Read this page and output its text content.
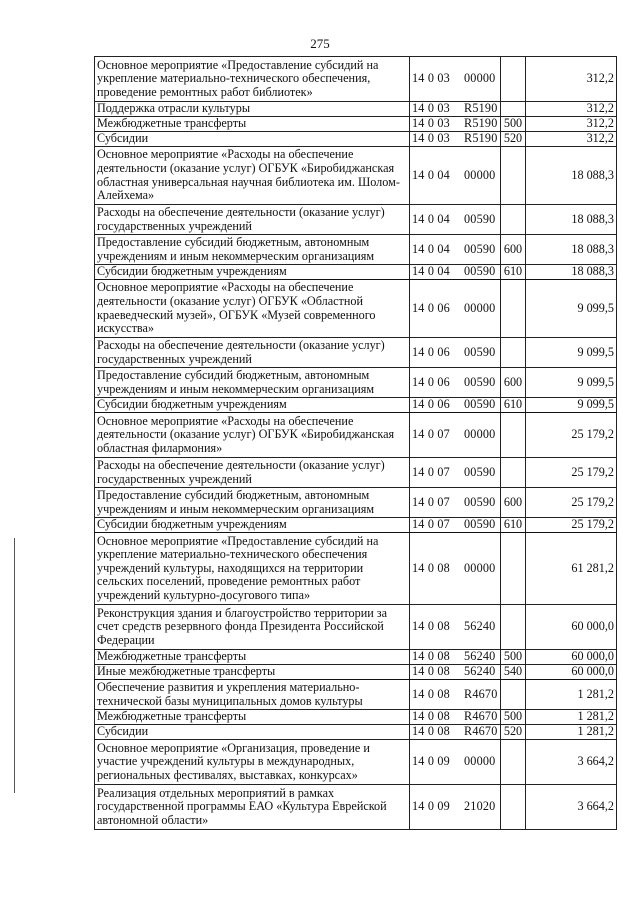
275
Основное мероприятие «Предоставление субсидий на укрепление материально-технического обеспечения, проведение ремонтных работ библиотек»	14 0 03 00000		312,2
Поддержка отрасли культуры	14 0 03 R5190		312,2
Межбюджетные трансферты	14 0 03 R5190	500	312,2
Субсидии	14 0 03 R5190	520	312,2
Основное мероприятие «Расходы на обеспечение деятельности (оказание услуг) ОГБУК «Биробиджанская областная универсальная научная библиотека им. Шолом-Алейхема»	14 0 04 00000		18 088,3
Расходы на обеспечение деятельности (оказание услуг) государственных учреждений	14 0 04 00590		18 088,3
Предоставление субсидий бюджетным, автономным учреждениям и иным некоммерческим организациям	14 0 04 00590	600	18 088,3
Субсидии бюджетным учреждениям	14 0 04 00590	610	18 088,3
Основное мероприятие «Расходы на обеспечение деятельности (оказание услуг) ОГБУК «Областной краеведческий музей», ОГБУК «Музей современного искусства»	14 0 06 00000		9 099,5
Расходы на обеспечение деятельности (оказание услуг) государственных учреждений	14 0 06 00590		9 099,5
Предоставление субсидий бюджетным, автономным учреждениям и иным некоммерческим организациям	14 0 06 00590	600	9 099,5
Субсидии бюджетным учреждениям	14 0 06 00590	610	9 099,5
Основное мероприятие «Расходы на обеспечение деятельности (оказание услуг) ОГБУК «Биробиджанская областная филармония»	14 0 07 00000		25 179,2
Расходы на обеспечение деятельности (оказание услуг) государственных учреждений	14 0 07 00590		25 179,2
Предоставление субсидий бюджетным, автономным учреждениям и иным некоммерческим организациям	14 0 07 00590	600	25 179,2
Субсидии бюджетным учреждениям	14 0 07 00590	610	25 179,2
Основное мероприятие «Предоставление субсидий на укрепление материально-технического обеспечения учреждений культуры, находящихся на территории сельских поселений, проведение ремонтных работ учреждений культурно-досугового типа»	14 0 08 00000		61 281,2
Реконструкция здания и благоустройство территории за счет средств резервного фонда Президента Российской Федерации	14 0 08 56240		60 000,0
Межбюджетные трансферты	14 0 08 56240	500	60 000,0
Иные межбюджетные трансферты	14 0 08 56240	540	60 000,0
Обеспечение развития и укрепления материально-технической базы муниципальных домов культуры	14 0 08 R4670		1 281,2
Межбюджетные трансферты	14 0 08 R4670	500	1 281,2
Субсидии	14 0 08 R4670	520	1 281,2
Основное мероприятие «Организация, проведение и участие учреждений культуры в международных, региональных фестивалях, выставках, конкурсах»	14 0 09 00000		3 664,2
Реализация отдельных мероприятий в рамках государственной программы ЕАО «Культура Еврейской автономной области»	14 0 09 21020		3 664,2
